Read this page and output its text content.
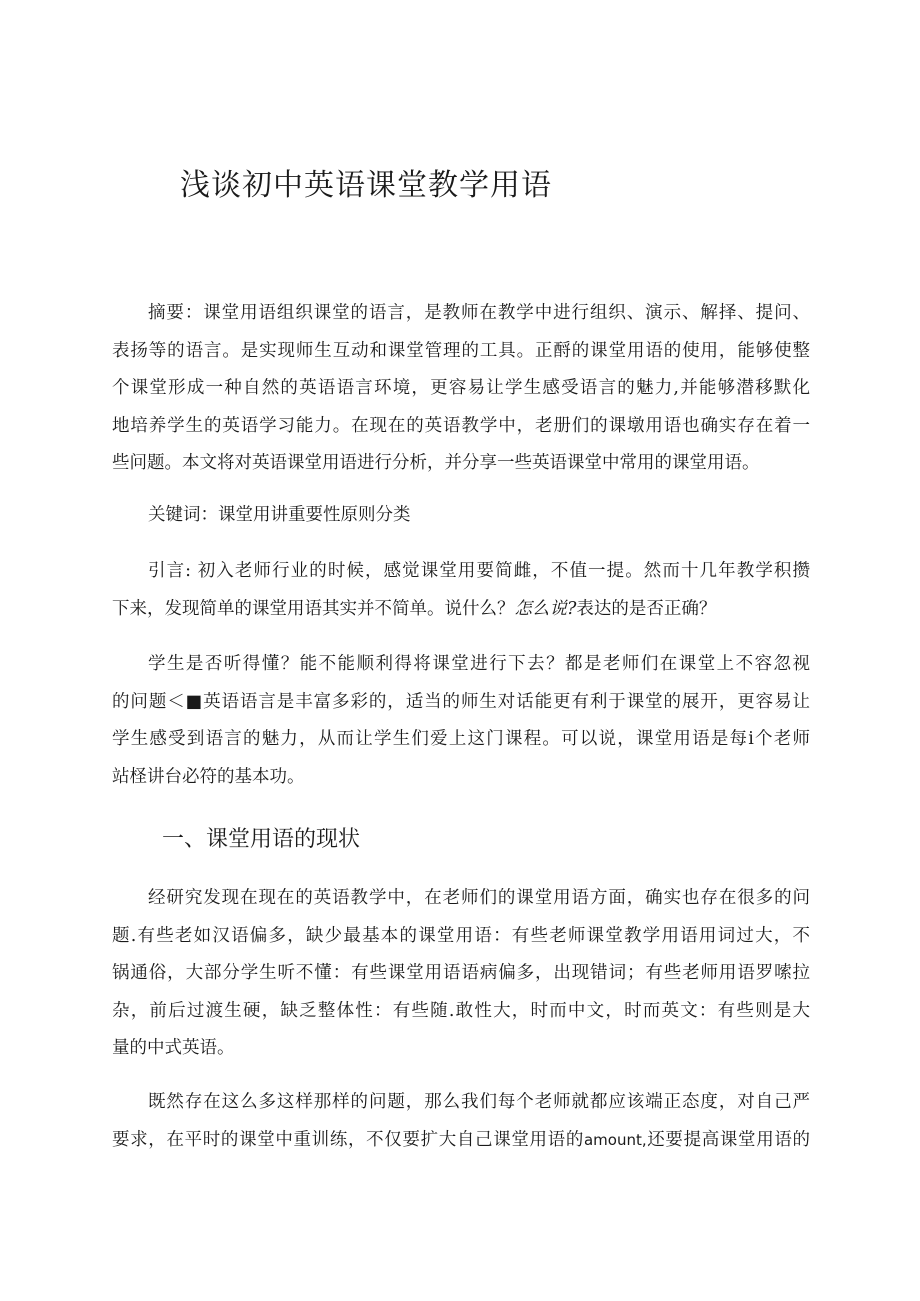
浅谈初中英语课堂教学用语
摘要：课堂用语组织课堂的语言，是教师在教学中进行组织、演示、解择、提问、
表扬等的语言。是实现师生互动和课堂管理的工具。正酹的课堂用语的使用，能够使整
个课堂形成一种自然的英语语言环境，更容易让学生感受语言的魅力,并能够潜移默化
地培养学生的英语学习能力。在现在的英语教学中，老册们的课墩用语也确实存在着一
些问题。本文将对英语课堂用语进行分析，并分享一些英语课堂中常用的课堂用语。
关键词：课堂用讲重要性原则分类
引言: 初入老师行业的时候，感觉课堂用要简雌，不值一提。然而十几年教学积攒
下来，发现简单的课堂用语其实并不简单。说什么？怎么说?表达的是否正确？
学生是否听得懂？能不能顺利得将课堂进行下去？都是老师们在课堂上不容忽视
的问题＜■英语语言是丰富多彩的，适当的师生对话能更有利于课堂的展开，更容易让
学生感受到语言的魅力，从而让学生们爱上这门课程。可以说，课堂用语是每i个老师
站柽讲台必符的基本功。
一、课堂用语的现状
经研究发现在现在的英语教学中，在老师们的课堂用语方面，确实也存在很多的问
题.有些老如汉语偏多，缺少最基本的课堂用语：有些老师课堂教学用语用词过大，不
锅通俗，大部分学生听不懂：有些课堂用语语病偏多，出现错词；有些老师用语罗嗦拉
杂，前后过渡生硬，缺乏整体性：有些随.敢性大，时而中文，时而英文：有些则是大
量的中式英语。
既然存在这么多这样那样的问题，那么我们每个老师就都应该端正态度，对自己严
要求，在平时的课堂中重训练，不仅要扩大自己课堂用语的amount,还要提高课堂用语的
